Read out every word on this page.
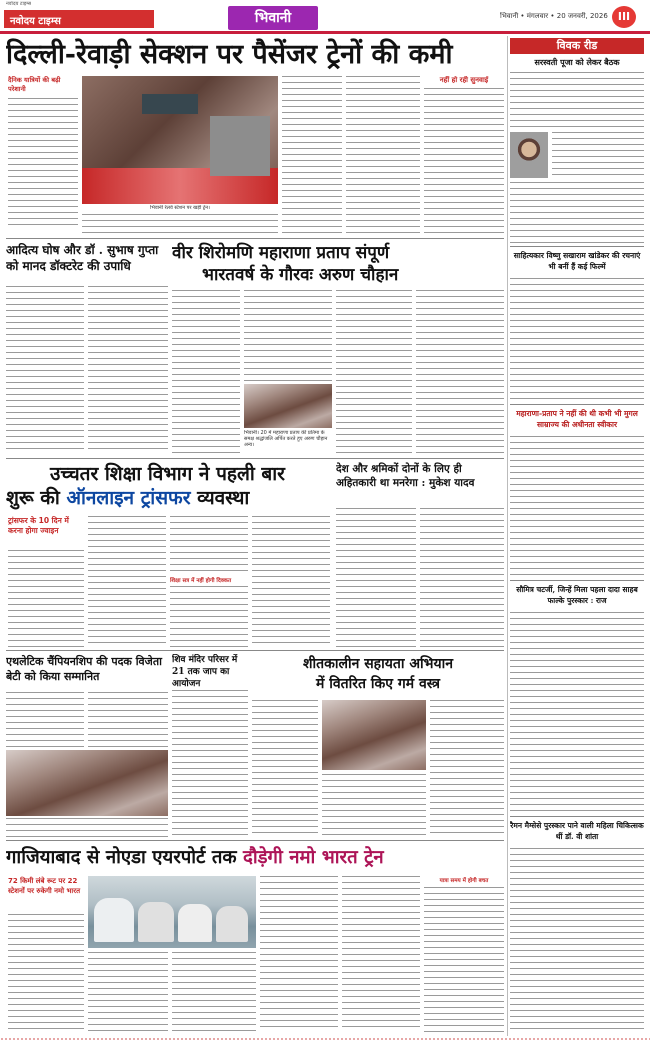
नवोदय टाइम्स
नवोदय टाइम्स	भिवानी	भिवानी • मंगलवार • 20 जनवरी, 2026 III
दिल्ली-रेवाड़ी सेक्शन पर पैसेंजर ट्रेनों की कमी
दैनिक यात्रियों की बढ़ी परेशानी
भिवानी रेलवे स्टेशन पर खड़ी ट्रेन।
नहीं हो रही सुनवाई
आदित्य घोष और डॉ . सुभाष गुप्ता को मानद डॉक्टरेट की उपाधि
वीर शिरोमणि महाराणा प्रताप संपूर्ण
भारतवर्ष के गौरवः अरुण चौहान
भिवानी। 20 में महाराणा प्रताप की प्रतिमा के समक्ष श्रद्धांजलि अर्पित करते हुए अरुण चौहान अन्य।
उच्चतर शिक्षा विभाग ने पहली बार
शुरू की ऑनलाइन ट्रांसफर व्यवस्था
ट्रांसफर के 10 दिन में करना होगा ज्वाइन
शिक्षा सत्र में नहीं होगी दिक्कत
देश और श्रमिकों दोनों के लिए ही अहितकारी था मनरेगा : मुकेश यादव
एथलेटिक चैंपियनशिप की पदक विजेता बेटी को किया सम्मानित
शिव मंदिर परिसर में 21 तक जाप का आयोजन
शीतकालीन सहायता अभियान
में वितरित किए गर्म वस्त्र
गाजियाबाद से नोएडा एयरपोर्ट तक दौड़ेगी नमो भारत ट्रेन
72 किमी लंबे रूट पर 22 स्टेशनों पर रुकेगी नमो भारत
यात्रा समय में होगी बचत
विवक रीड
सरस्वती पूजा को लेकर बैठक
साहित्यकार विष्णु सखाराम खांडेकर की रचनाएं भी बनीं हैं कई फिल्में
महाराणा-प्रताप ने नहीं की थी कभी भी मुगल साम्राज्य की अधीनता स्वीकार
सौमित्र चटर्जी, जिन्हें मिला पहला दादा साहब फाल्के पुरस्कार : राज
रैमन मैग्सेसे पुरस्कार पाने वाली महिला चिकित्सक थीं डॉ. वी शांता
